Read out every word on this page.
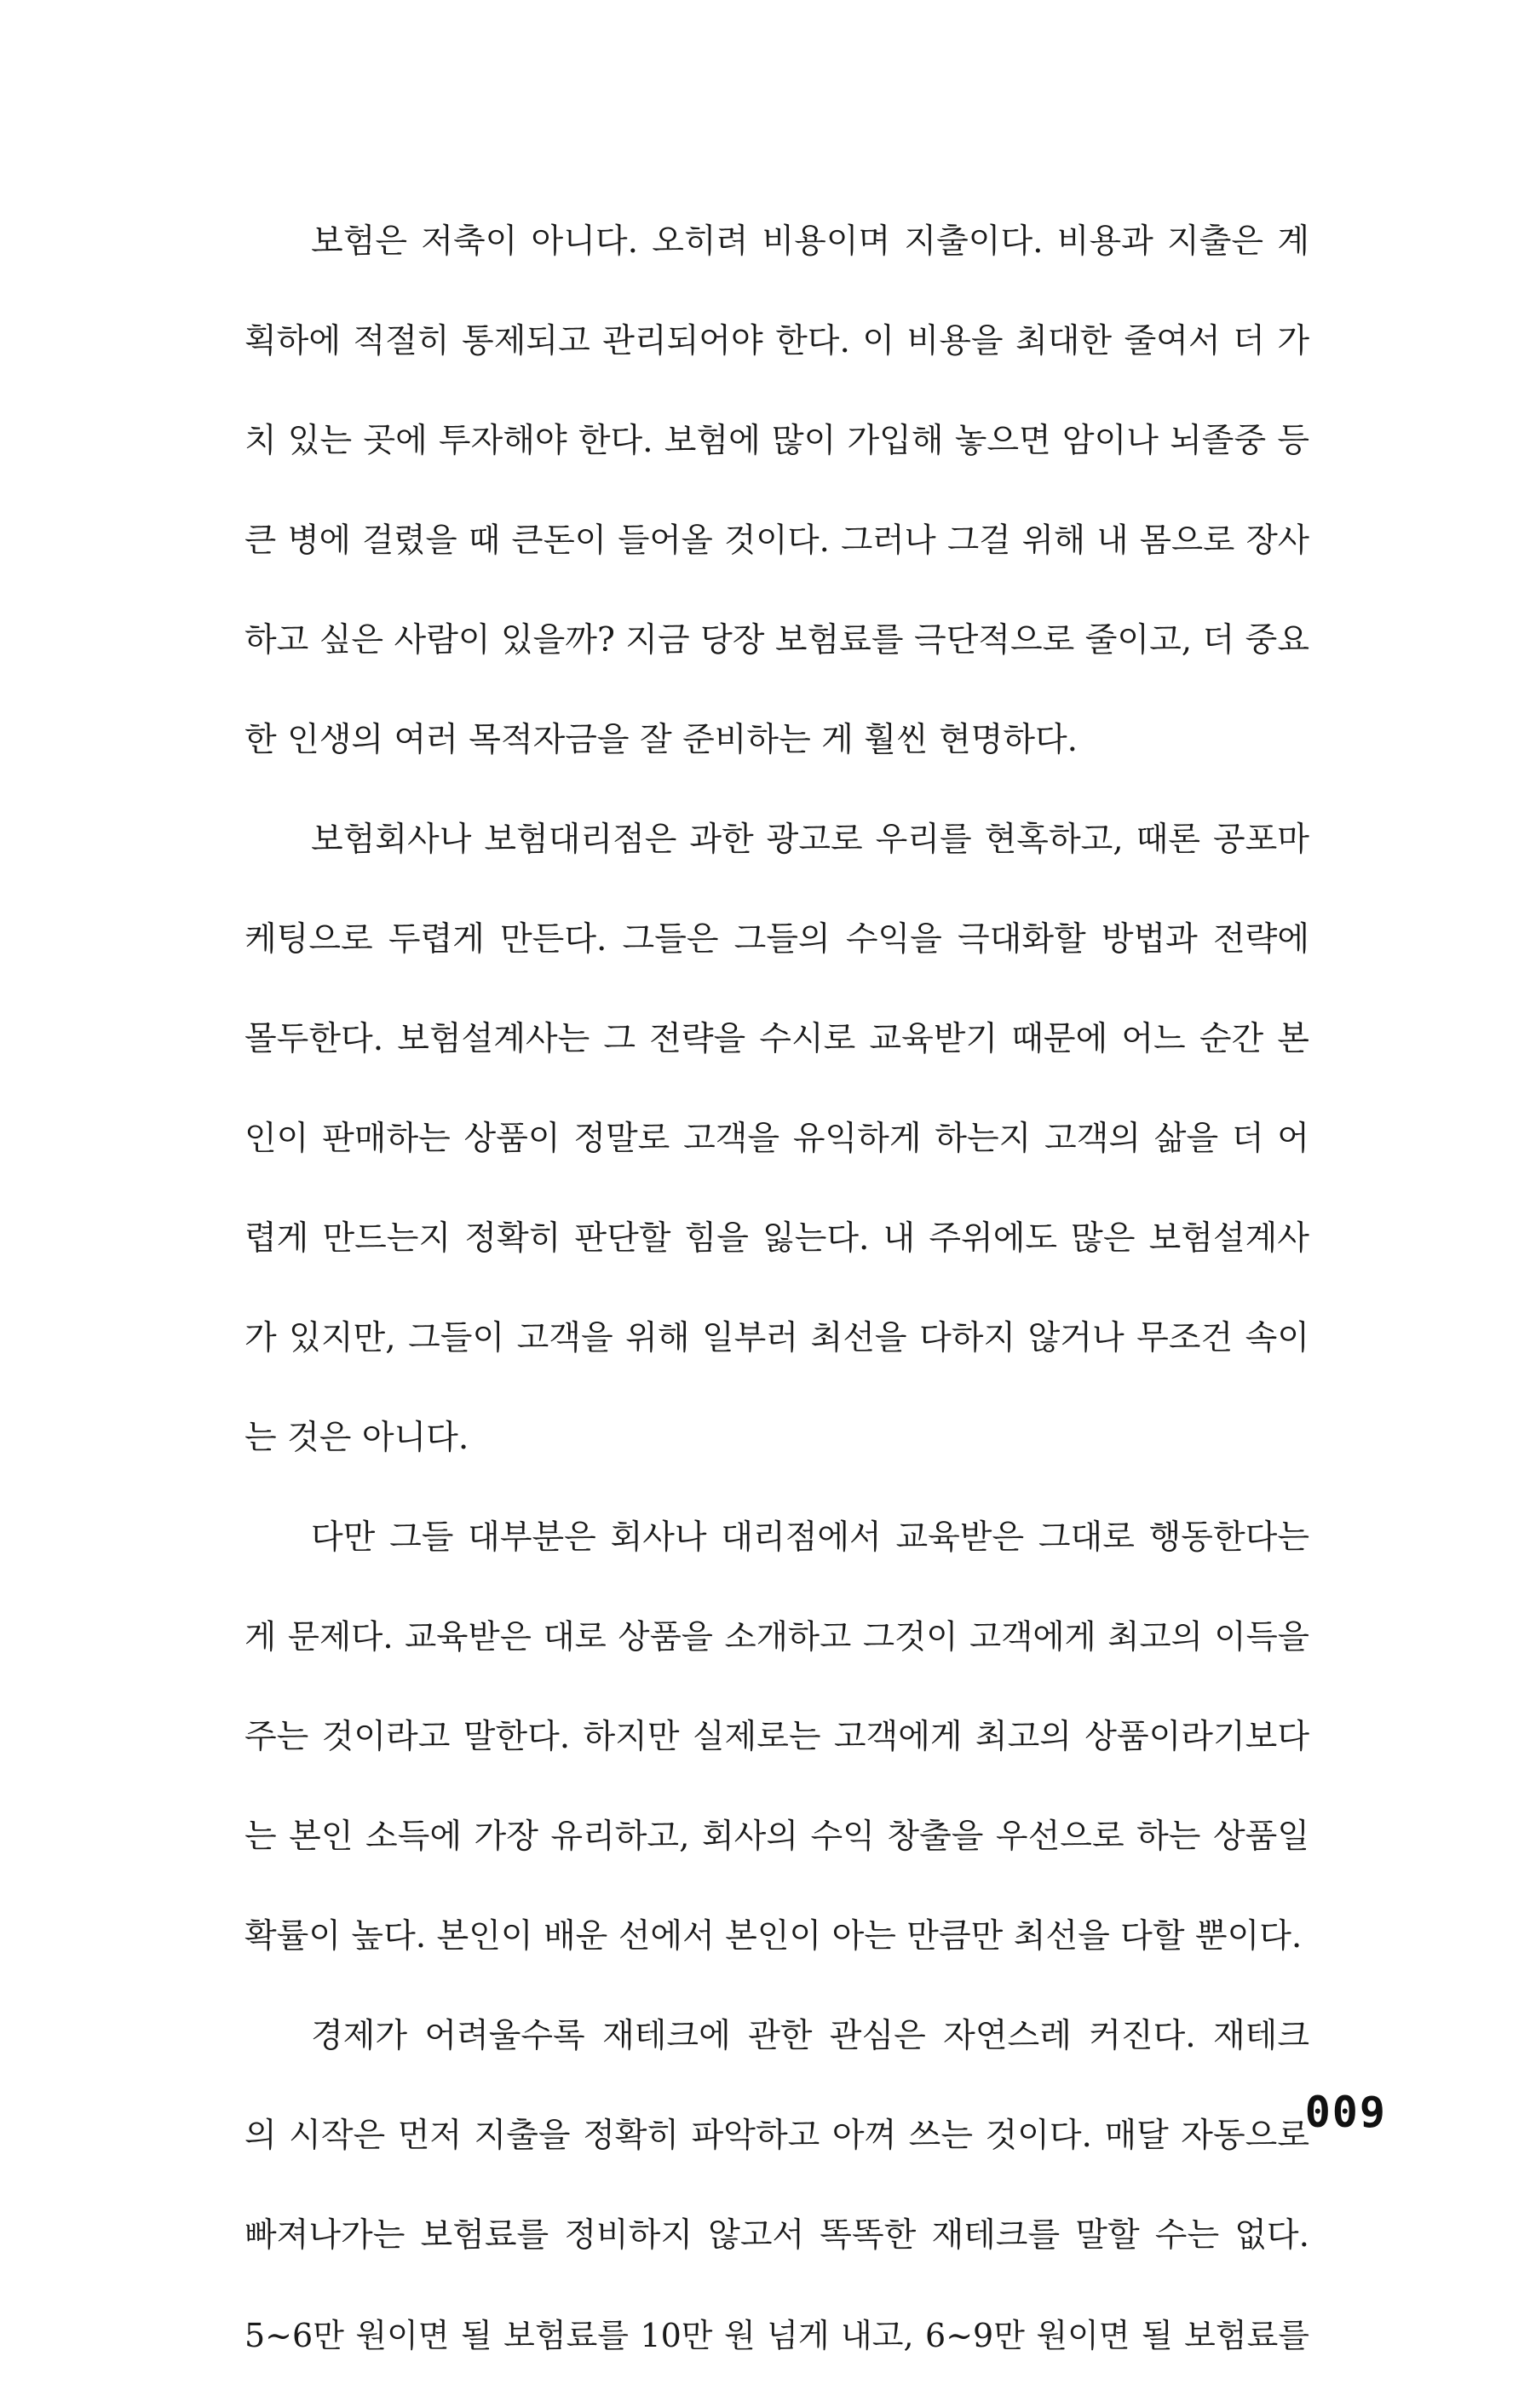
보험은 저축이 아니다. 오히려 비용이며 지출이다. 비용과 지출은 계
획하에 적절히 통제되고 관리되어야 한다. 이 비용을 최대한 줄여서 더 가
치 있는 곳에 투자해야 한다. 보험에 많이 가입해 놓으면 암이나 뇌졸중 등
큰 병에 걸렸을 때 큰돈이 들어올 것이다. 그러나 그걸 위해 내 몸으로 장사
하고 싶은 사람이 있을까? 지금 당장 보험료를 극단적으로 줄이고, 더 중요
한 인생의 여러 목적자금을 잘 준비하는 게 훨씬 현명하다.
보험회사나 보험대리점은 과한 광고로 우리를 현혹하고, 때론 공포마
케팅으로 두렵게 만든다. 그들은 그들의 수익을 극대화할 방법과 전략에
몰두한다. 보험설계사는 그 전략을 수시로 교육받기 때문에 어느 순간 본
인이 판매하는 상품이 정말로 고객을 유익하게 하는지 고객의 삶을 더 어
렵게 만드는지 정확히 판단할 힘을 잃는다. 내 주위에도 많은 보험설계사
가 있지만, 그들이 고객을 위해 일부러 최선을 다하지 않거나 무조건 속이
는 것은 아니다.
다만 그들 대부분은 회사나 대리점에서 교육받은 그대로 행동한다는
게 문제다. 교육받은 대로 상품을 소개하고 그것이 고객에게 최고의 이득을
주는 것이라고 말한다. 하지만 실제로는 고객에게 최고의 상품이라기보다
는 본인 소득에 가장 유리하고, 회사의 수익 창출을 우선으로 하는 상품일
확률이 높다. 본인이 배운 선에서 본인이 아는 만큼만 최선을 다할 뿐이다.
경제가 어려울수록 재테크에 관한 관심은 자연스레 커진다. 재테크
의 시작은 먼저 지출을 정확히 파악하고 아껴 쓰는 것이다. 매달 자동으로
빠져나가는 보험료를 정비하지 않고서 똑똑한 재테크를 말할 수는 없다.
5~6만 원이면 될 보험료를 10만 원 넘게 내고, 6~9만 원이면 될 보험료를
009
